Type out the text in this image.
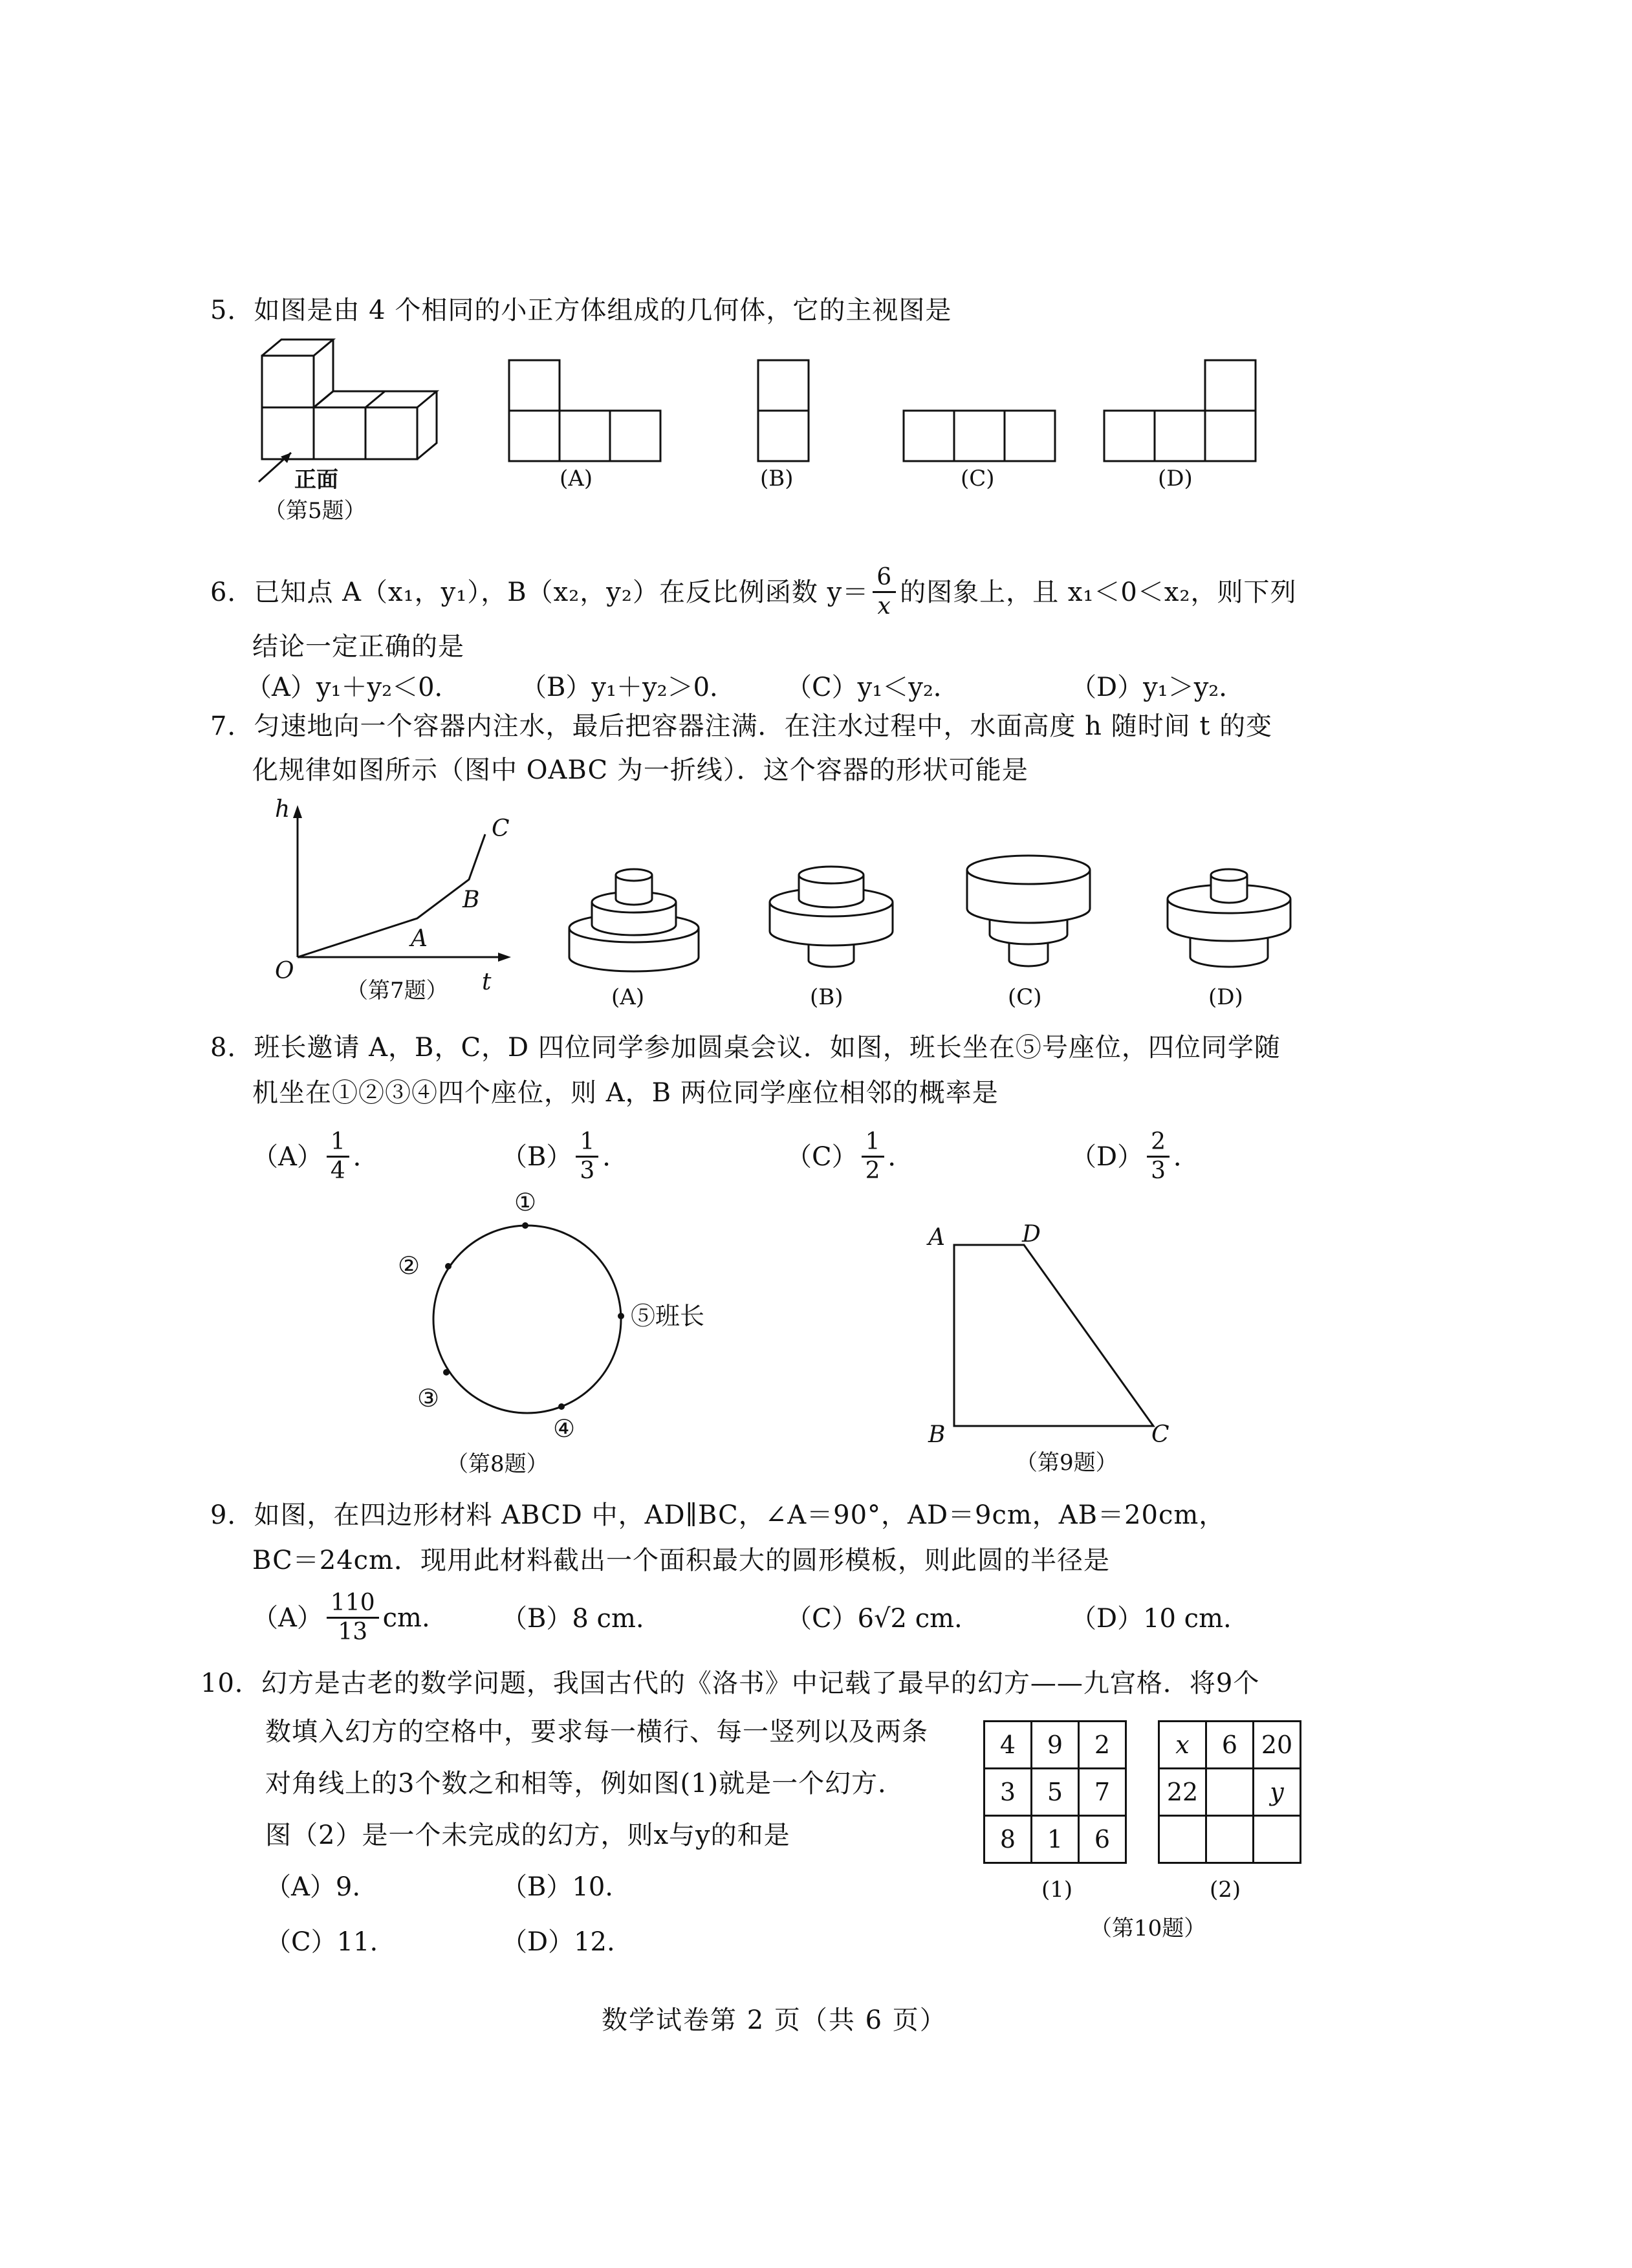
5．如图是由 4 个相同的小正方体组成的几何体，它的主视图是
正面
（第5题）
(A)	(B)	(C)	(D)
6．已知点 A（x₁，y₁），B（x₂，y₂）在反比例函数 $y= \frac{6}{x}$ 的图象上，且 x₁＜0＜x₂，则下列
结论一定正确的是
（A）y₁＋y₂＜0． （B）y₁＋y₂＞0． （C）y₁＜y₂．	（D）y₁＞y₂．
7．匀速地向一个容器内注水，最后把容器注满．在注水过程中，水面高度 h 随时间 t 的变
化规律如图所示（图中 OABC 为一折线）．这个容器的形状可能是
h
t
O
A
B
C
（第7题）	(A)	(B)	(C)	(D)
8．班长邀请 A，B，C，D 四位同学参加圆桌会议．如图，班长坐在⑤号座位，四位同学随
机坐在①②③④四个座位，则 A，B 两位同学座位相邻的概率是
$(A) \frac{1}{4}$ ．	$(B) \frac{1}{3}$ ．	$(C) \frac{1}{2}$ ．	$(D) \frac{2}{3}$ ．
①
②
⑤班长
③
④
（第8题）
A	D
B	C
（第9题）
9．如图，在四边形材料 ABCD 中，AD∥BC，∠A＝90°，AD＝9cm，AB＝20cm，
BC＝24cm．现用此材料截出一个面积最大的圆形模板，则此圆的半径是
$(A) \frac{110}{13}$ cm.	（B）8 cm.	（C）6√2 cm.	（D）10 cm.
10．幻方是古老的数学问题，我国古代的《洛书》中记载了最早的幻方——九宫格．将9个
数填入幻方的空格中，要求每一横行、每一竖列以及两条
对角线上的3个数之和相等，例如图(1)就是一个幻方．
图（2）是一个未完成的幻方，则x与y的和是
（A）9.	（B）10.
（C）11.	（D）12.
4	9	2
3	5	7
8	1	6
(1)
x	6	20
22		y

(2)
（第10题）
数学试卷第 2 页（共 6 页）
